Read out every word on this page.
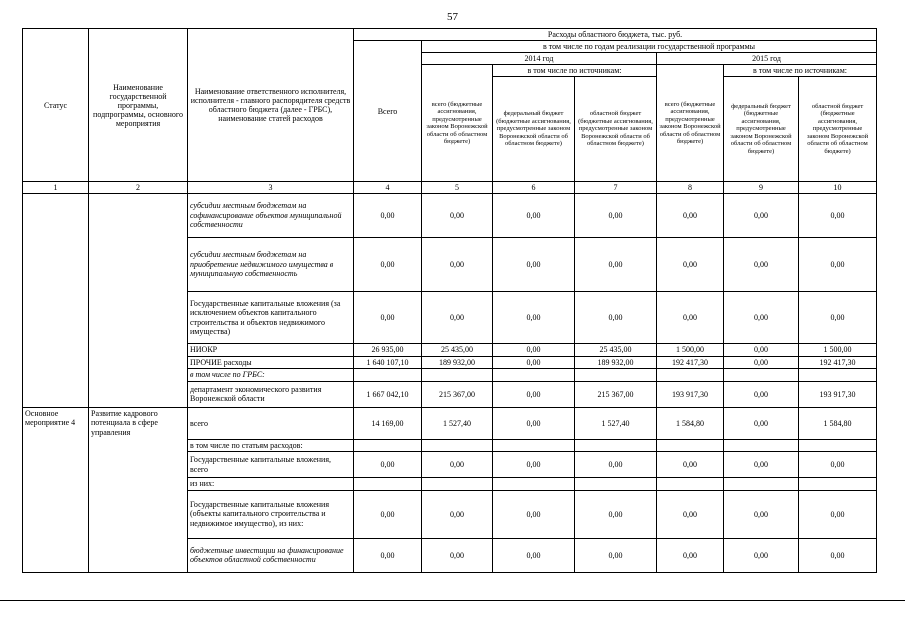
57
Статус	Наименование государственной программы, подпрограммы, основного мероприятия	Наименование ответственного исполнителя, исполнителя - главного распорядителя средств областного бюджета (далее - ГРБС), наименование статей расходов	Расходы областного бюджета, тыс. руб.						
			Всего	в том числе по годам реализации государственной программы					
				2014 год			2015 год		
				всего (бюджетные ассигнования, предусмотренные законом Воронежской области об областном бюджете)	в том числе по источникам:		всего (бюджетные ассигнования, предусмотренные законом Воронежской области об областном бюджете)	в том числе по источникам:	
					федеральный бюджет (бюджетные ассигнования, предусмотренные законом Воронежской области об областном бюджете)	областной бюджет (бюджетные ассигнования, предусмотренные законом Воронежской области об областном бюджете)		федеральный бюджет (бюджетные ассигнования, предусмотренные законом Воронежской области об областном бюджете)	областной бюджет (бюджетные ассигнования, предусмотренные законом Воронежской области об областном бюджете)
1	2	3	4	5	6	7	8	9	10
		субсидии местным бюджетам на софинансирование объектов муниципальной собственности	0,00	0,00	0,00	0,00	0,00	0,00	0,00
		субсидии местным бюджетам на приобретение недвижимого имущества в муниципальную собственность	0,00	0,00	0,00	0,00	0,00	0,00	0,00
		Государственные капитальные вложения (за исключением объектов капитального строительства и объектов недвижимого имущества)	0,00	0,00	0,00	0,00	0,00	0,00	0,00
		НИОКР	26 935,00	25 435,00	0,00	25 435,00	1 500,00	0,00	1 500,00
		ПРОЧИЕ расходы	1 640 107,10	189 932,00	0,00	189 932,00	192 417,30	0,00	192 417,30
		в том числе по ГРБС:							
		департамент экономического развития Воронежской области	1 667 042,10	215 367,00	0,00	215 367,00	193 917,30	0,00	193 917,30
Основное мероприятие 4	Развитие кадрового потенциала в сфере управления	всего	14 169,00	1 527,40	0,00	1 527,40	1 584,80	0,00	1 584,80
		в том числе по статьям расходов:							
		Государственные капитальные вложения, всего	0,00	0,00	0,00	0,00	0,00	0,00	0,00
		из них:							
		Государственные капитальные вложения (объекты капитального строительства и недвижимое имущество), из них:	0,00	0,00	0,00	0,00	0,00	0,00	0,00
		бюджетные инвестиции на финансирование объектов областной собственности	0,00	0,00	0,00	0,00	0,00	0,00	0,00
